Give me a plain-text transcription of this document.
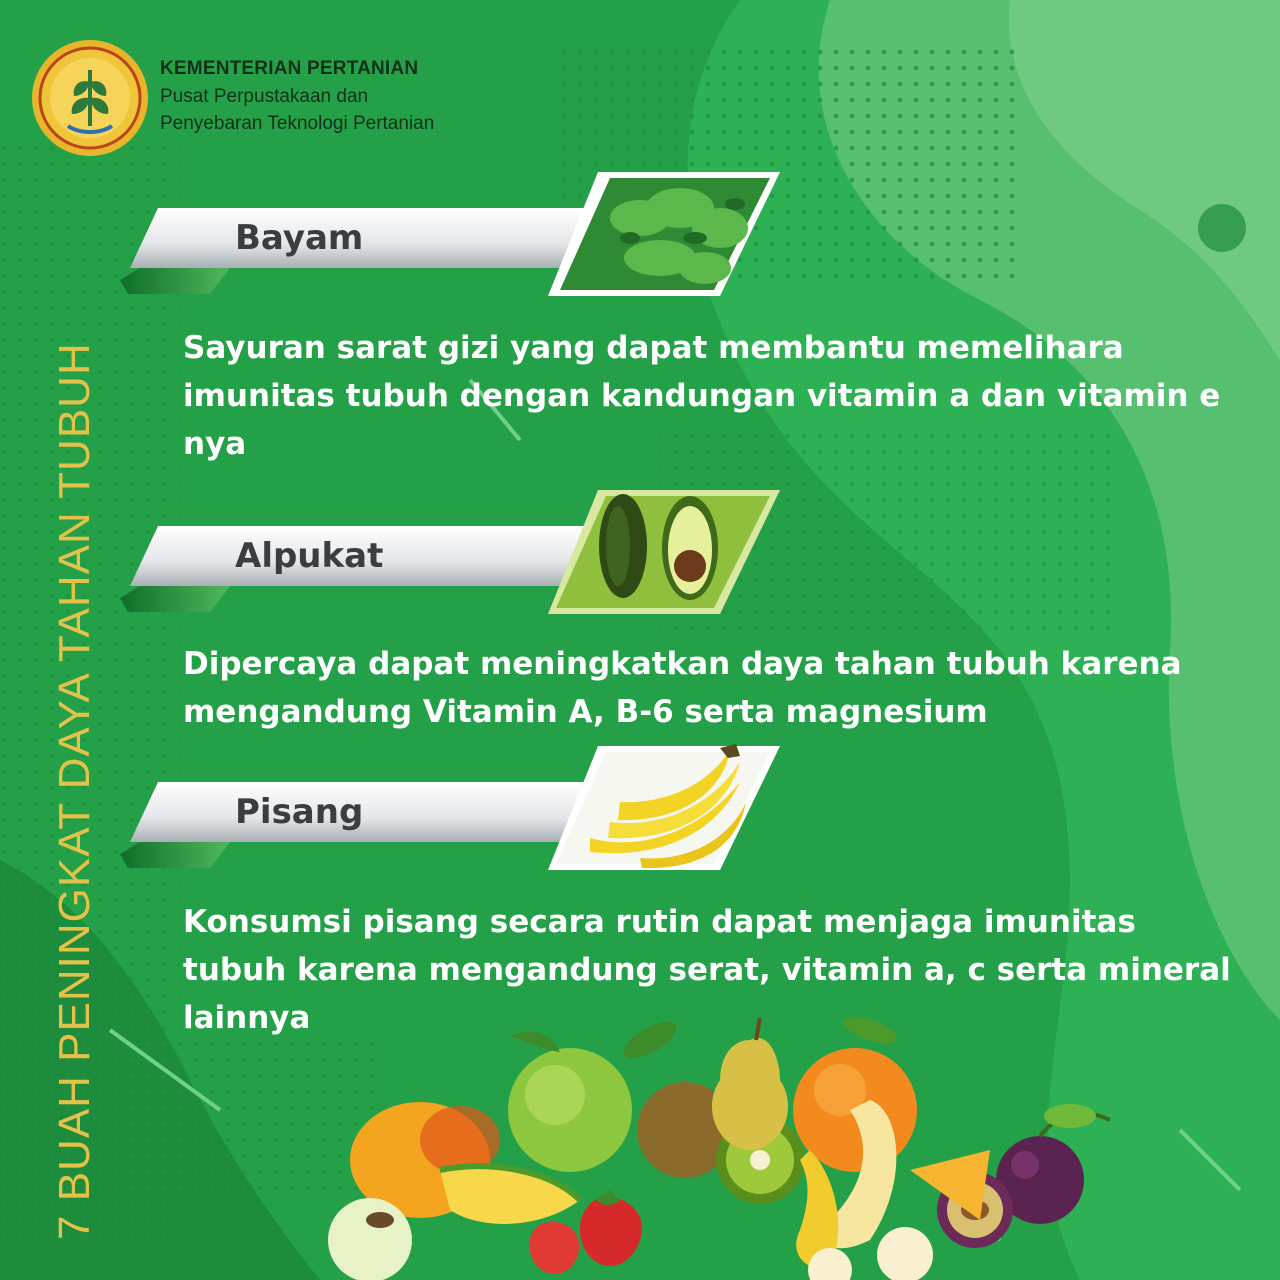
KEMENTERIAN PERTANIAN
Pusat Perpustakaan dan
Penyebaran Teknologi Pertanian
7 BUAH PENINGKAT DAYA TAHAN TUBUH
Bayam
Sayuran sarat gizi yang dapat membantu memelihara imunitas tubuh dengan kandungan vitamin a dan vitamin e nya
Alpukat
Dipercaya dapat meningkatkan daya tahan tubuh karena mengandung Vitamin A, B-6 serta magnesium
Pisang
Konsumsi pisang secara rutin dapat menjaga imunitas tubuh karena mengandung serat, vitamin a, c serta mineral lainnya
